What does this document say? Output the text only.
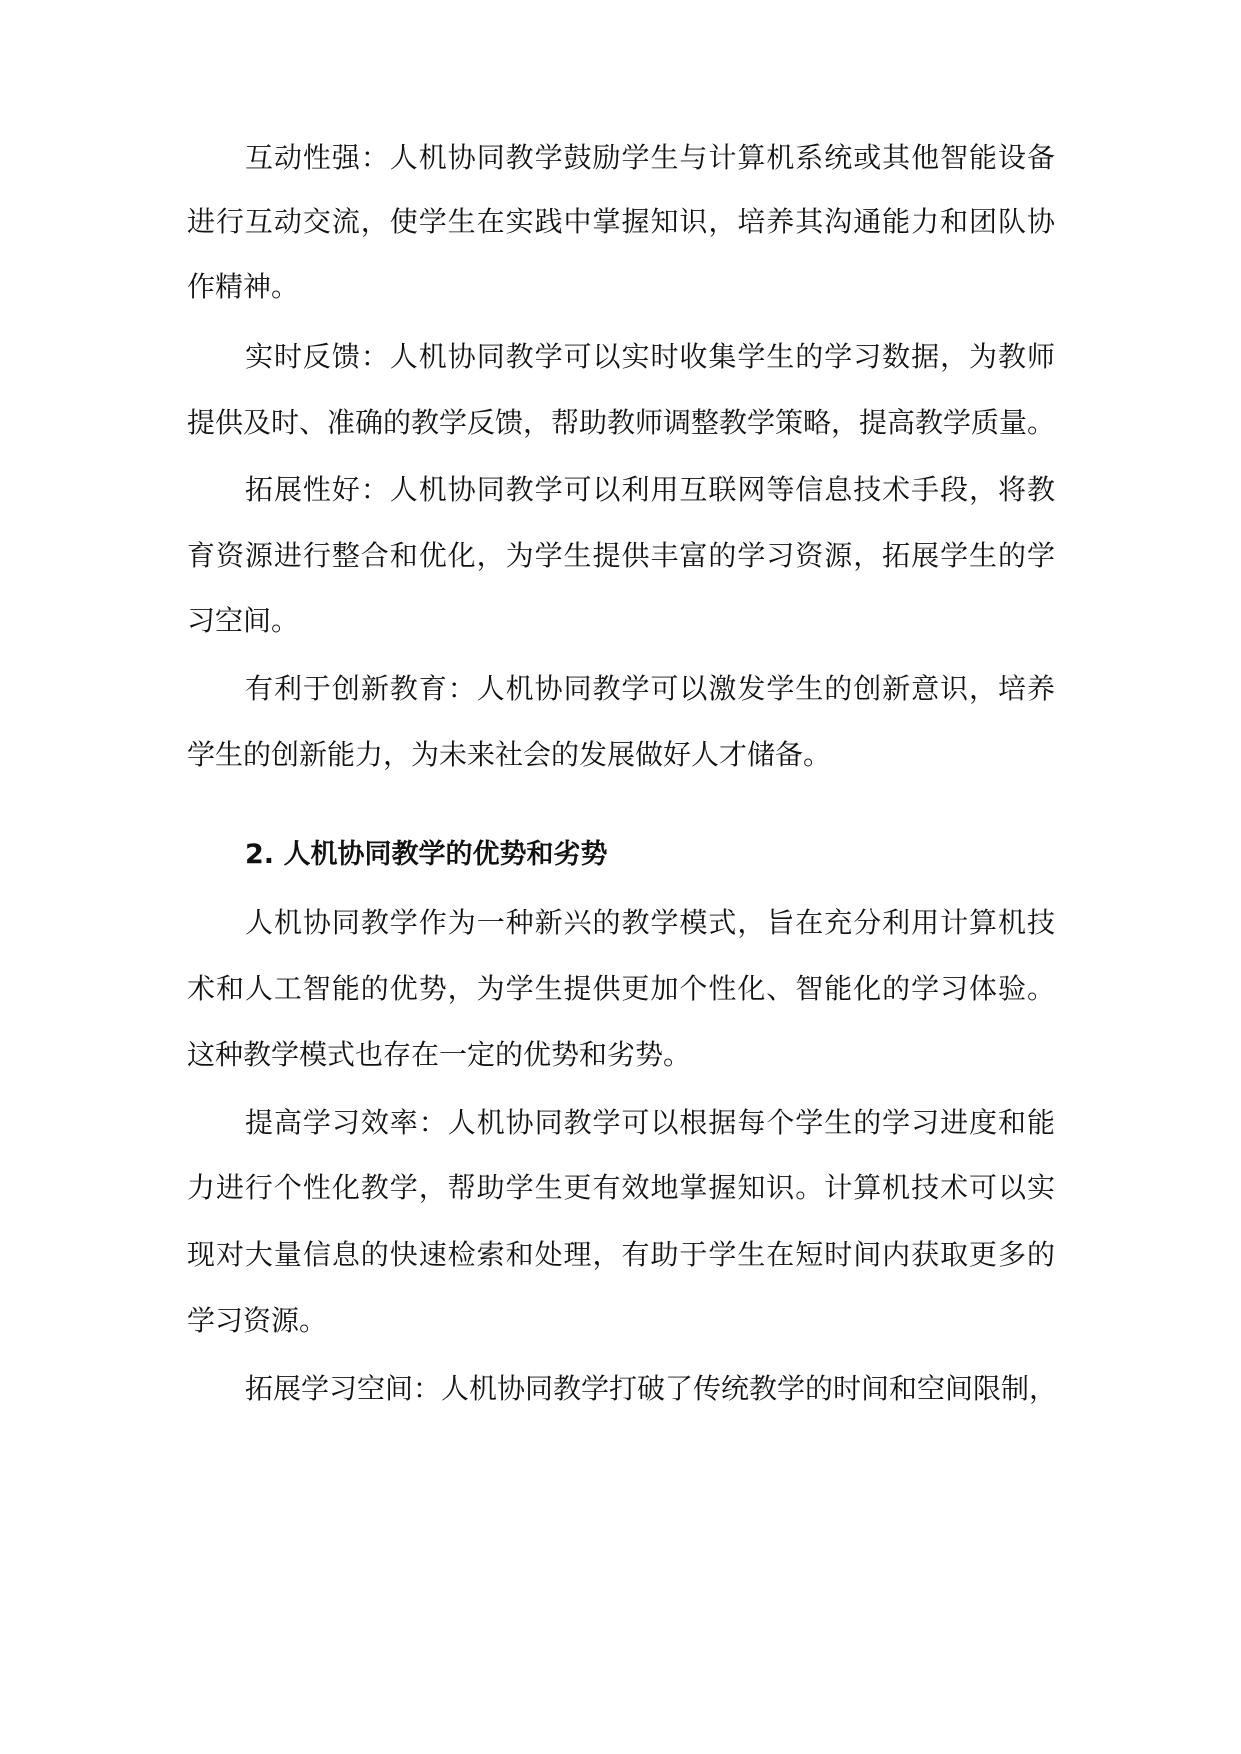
互动性强：人机协同教学鼓励学生与计算机系统或其他智能设备
进行互动交流，使学生在实践中掌握知识，培养其沟通能力和团队协
作精神。
实时反馈：人机协同教学可以实时收集学生的学习数据，为教师
提供及时、准确的教学反馈，帮助教师调整教学策略，提高教学质量。
拓展性好：人机协同教学可以利用互联网等信息技术手段，将教
育资源进行整合和优化，为学生提供丰富的学习资源，拓展学生的学
习空间。
有利于创新教育：人机协同教学可以激发学生的创新意识，培养
学生的创新能力，为未来社会的发展做好人才储备。
2. 人机协同教学的优势和劣势
人机协同教学作为一种新兴的教学模式，旨在充分利用计算机技
术和人工智能的优势，为学生提供更加个性化、智能化的学习体验。
这种教学模式也存在一定的优势和劣势。
提高学习效率：人机协同教学可以根据每个学生的学习进度和能
力进行个性化教学，帮助学生更有效地掌握知识。计算机技术可以实
现对大量信息的快速检索和处理，有助于学生在短时间内获取更多的
学习资源。
拓展学习空间：人机协同教学打破了传统教学的时间和空间限制，
